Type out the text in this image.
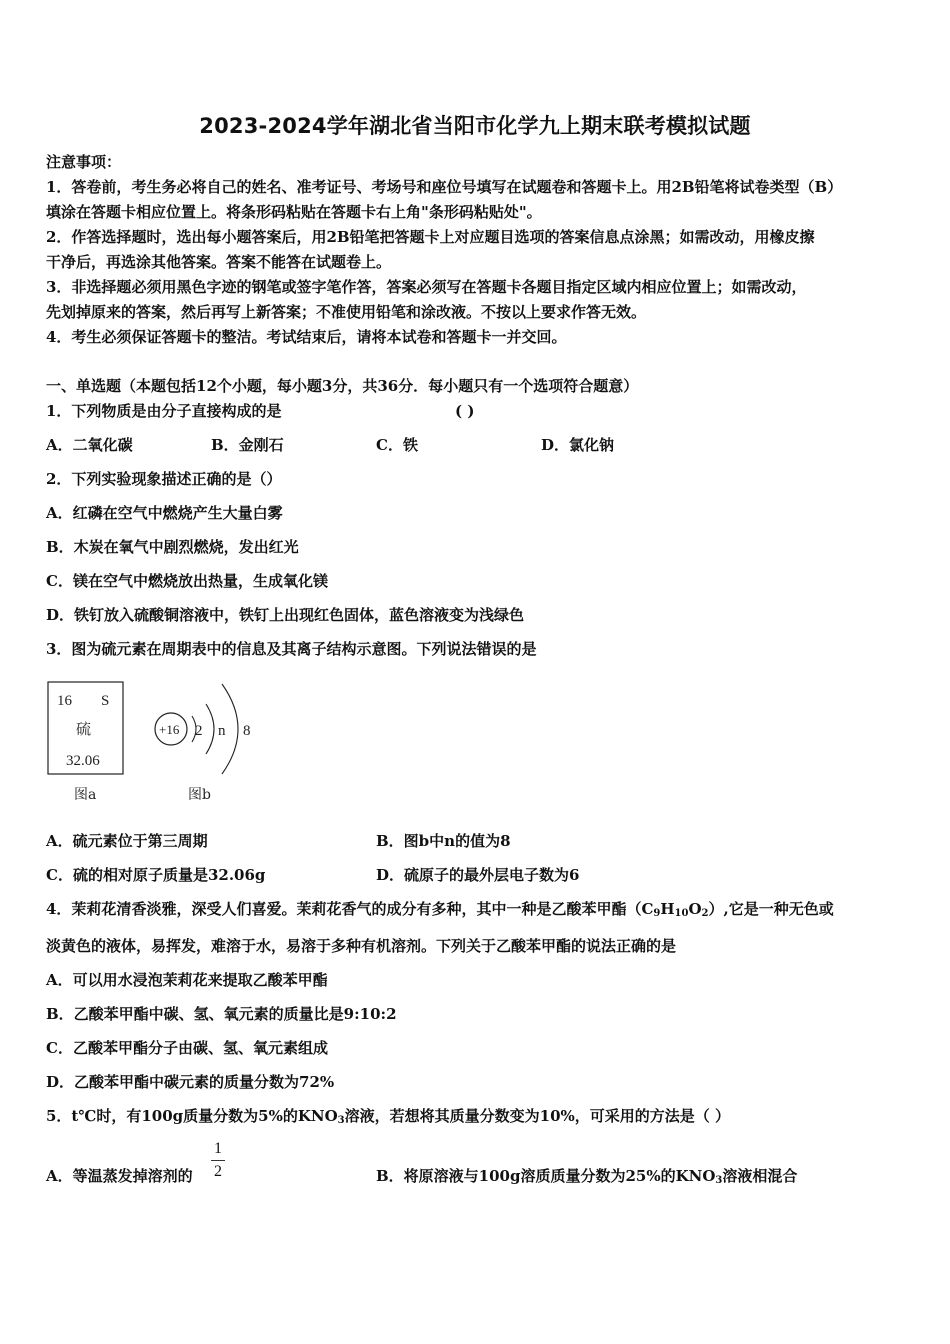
2023-2024学年湖北省当阳市化学九上期末联考模拟试题
注意事项：
1．答卷前，考生务必将自己的姓名、准考证号、考场号和座位号填写在试题卷和答题卡上。用2B铅笔将试卷类型（B）
填涂在答题卡相应位置上。将条形码粘贴在答题卡右上角"条形码粘贴处"。
2．作答选择题时，选出每小题答案后，用2B铅笔把答题卡上对应题目选项的答案信息点涂黑；如需改动，用橡皮擦
干净后，再选涂其他答案。答案不能答在试题卷上。
3．非选择题必须用黑色字迹的钢笔或签字笔作答，答案必须写在答题卡各题目指定区域内相应位置上；如需改动，
先划掉原来的答案，然后再写上新答案；不准使用铅笔和涂改液。不按以上要求作答无效。
4．考生必须保证答题卡的整洁。考试结束后，请将本试卷和答题卡一并交回。
一、单选题（本题包括12个小题，每小题3分，共36分．每小题只有一个选项符合题意）
1．下列物质是由分子直接构成的是	( )
A．二氧化碳	B．金刚石	C．铁	D．氯化钠
2．下列实验现象描述正确的是（）
A．红磷在空气中燃烧产生大量白雾
B．木炭在氧气中剧烈燃烧，发出红光
C．镁在空气中燃烧放出热量，生成氧化镁
D．铁钉放入硫酸铜溶液中，铁钉上出现红色固体，蓝色溶液变为浅绿色
3．图为硫元素在周期表中的信息及其离子结构示意图。下列说法错误的是
16 S
硫
32.06
图a
+16 2 n 8
图b
A．硫元素位于第三周期	B．图b中n的值为8
C．硫的相对原子质量是32.06g	D．硫原子的最外层电子数为6
4．茉莉花清香淡雅，深受人们喜爱。茉莉花香气的成分有多种，其中一种是乙酸苯甲酯$(C_9H_{10}O_2)$,它是一种无色或
淡黄色的液体，易挥发，难溶于水，易溶于多种有机溶剂。下列关于乙酸苯甲酯的说法正确的是
A．可以用水浸泡茉莉花来提取乙酸苯甲酯
B．乙酸苯甲酯中碳、氢、氧元素的质量比是9:10:2
C．乙酸苯甲酯分子由碳、氢、氧元素组成
D．乙酸苯甲酯中碳元素的质量分数为72%
5．t℃时，有100g质量分数为5%的$KNO_3$溶液，若想将其质量分数变为10%，可采用的方法是（ ）
A．等温蒸发掉溶剂的
1
2	B．将原溶液与100g溶质质量分数为25%的$KNO_3$溶液相混合
